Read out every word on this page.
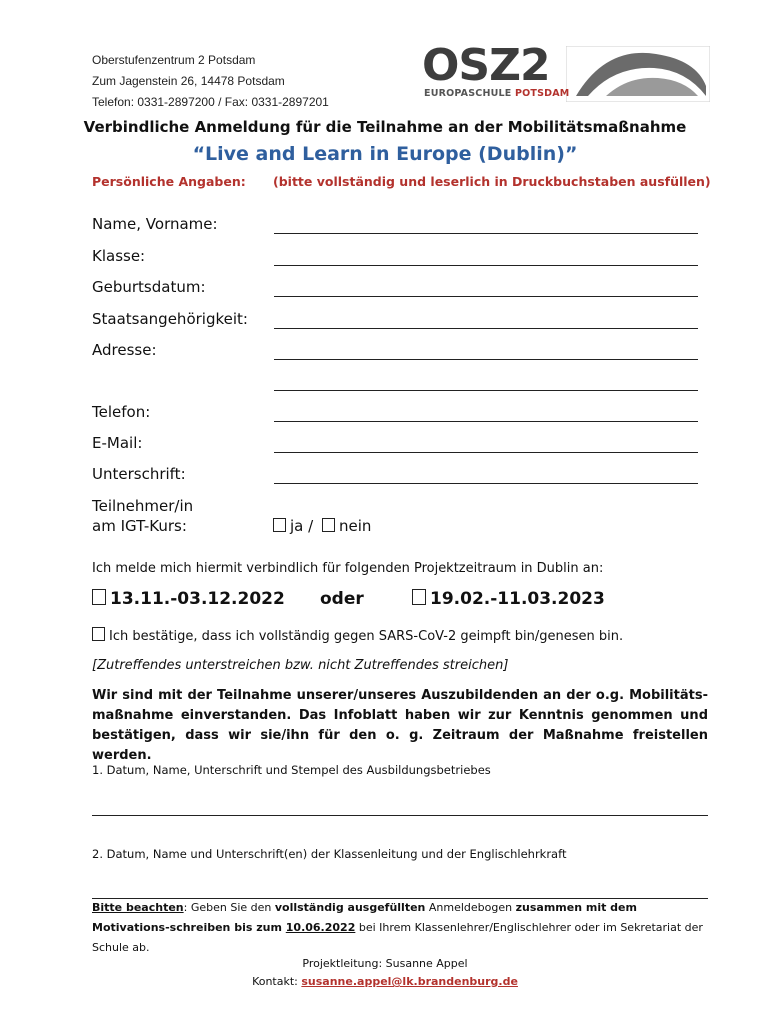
Oberstufenzentrum 2 Potsdam
Zum Jagenstein 26, 14478 Potsdam
Telefon: 0331-2897200 / Fax: 0331-2897201
OSZ2
EUROPASCHULE POTSDAM
Verbindliche Anmeldung für die Teilnahme an der Mobilitätsmaßnahme
“Live and Learn in Europe (Dublin)”
Persönliche Angaben: (bitte vollständig und leserlich in Druckbuchstaben ausfüllen)
Name, Vorname:
Klasse:
Geburtsdatum:
Staatsangehörigkeit:
Adresse:
Telefon:
E-Mail:
Unterschrift:
Teilnehmer/in
am IGT-Kurs:	ja / nein
Ich melde mich hiermit verbindlich für folgenden Projektzeitraum in Dublin an:
13.11.-03.12.2022 oder	19.02.-11.03.2023
Ich bestätige, dass ich vollständig gegen SARS-CoV-2 geimpft bin/genesen bin.
[Zutreffendes unterstreichen bzw. nicht Zutreffendes streichen]
Wir sind mit der Teilnahme unserer/unseres Auszubildenden an der o.g. Mobilitätsmaßnahme einverstanden. Das Infoblatt haben wir zur Kenntnis genommen und bestätigen, dass wir sie/ihn für den o. g. Zeitraum der Maßnahme freistellen werden.
1. Datum, Name, Unterschrift und Stempel des Ausbildungsbetriebes
2. Datum, Name und Unterschrift(en) der Klassenleitung und der Englischlehrkraft
Bitte beachten: Geben Sie den vollständig ausgefüllten Anmeldebogen zusammen mit dem Motivations-schreiben bis zum 10.06.2022 bei Ihrem Klassenlehrer/Englischlehrer oder im Sekretariat der Schule ab.
Projektleitung: Susanne Appel
Kontakt: susanne.appel@lk.brandenburg.de
